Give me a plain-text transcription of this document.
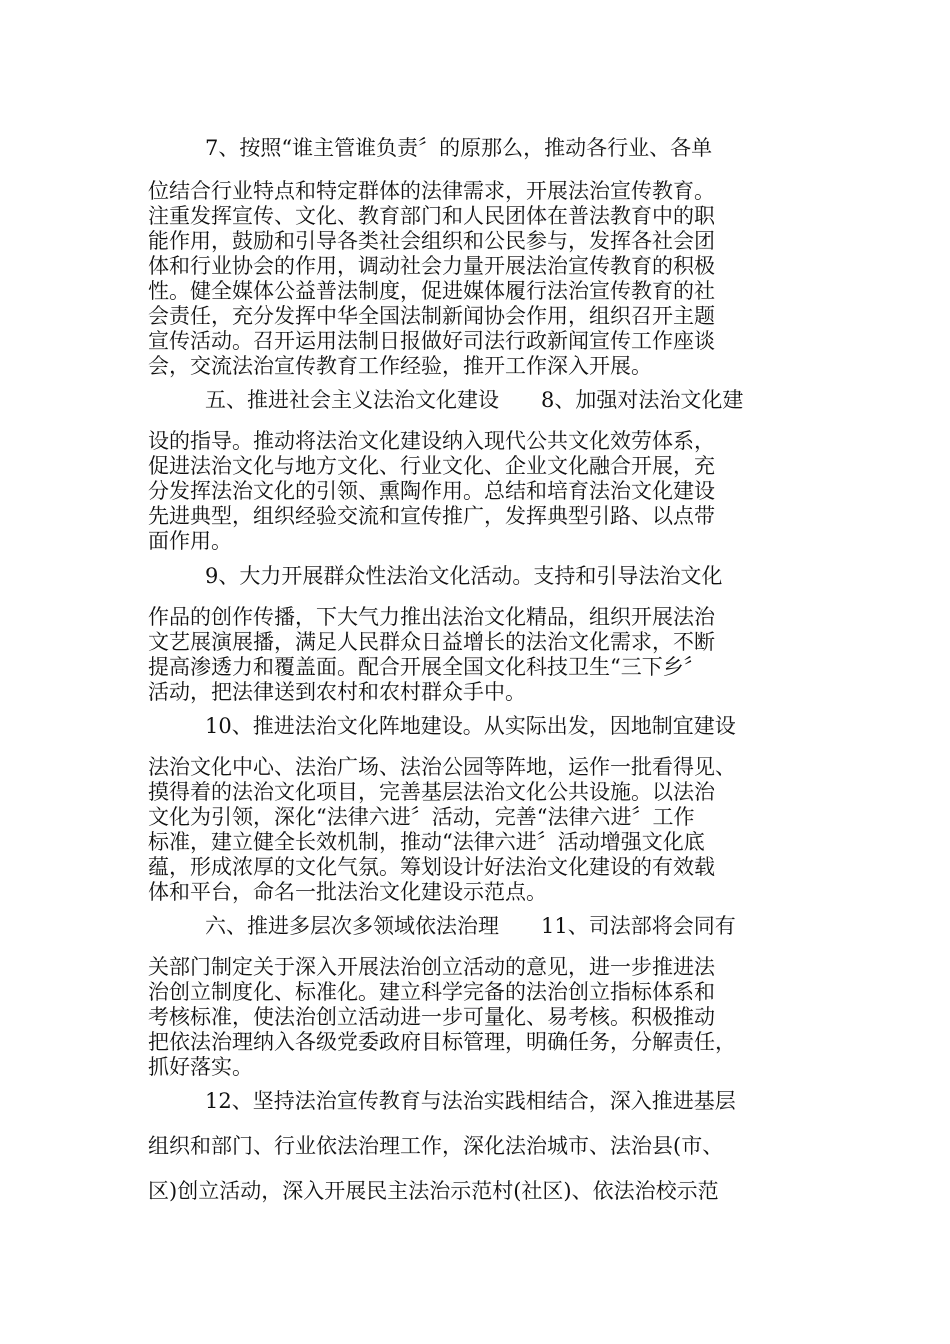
7、按照“谁主管谁负责〞的原那么，推动各行业、各单
位结合行业特点和特定群体的法律需求，开展法治宣传教育。
注重发挥宣传、文化、教育部门和人民团体在普法教育中的职
能作用，鼓励和引导各类社会组织和公民参与，发挥各社会团
体和行业协会的作用，调动社会力量开展法治宣传教育的积极
性。健全媒体公益普法制度，促进媒体履行法治宣传教育的社
会责任，充分发挥中华全国法制新闻协会作用，组织召开主题
宣传活动。召开运用法制日报做好司法行政新闻宣传工作座谈
会，交流法治宣传教育工作经验，推开工作深入开展。
五、推进社会主义法治文化建设　　8、加强对法治文化建
设的指导。推动将法治文化建设纳入现代公共文化效劳体系，
促进法治文化与地方文化、行业文化、企业文化融合开展，充
分发挥法治文化的引领、熏陶作用。总结和培育法治文化建设
先进典型，组织经验交流和宣传推广，发挥典型引路、以点带
面作用。
9、大力开展群众性法治文化活动。支持和引导法治文化
作品的创作传播，下大气力推出法治文化精品，组织开展法治
文艺展演展播，满足人民群众日益增长的法治文化需求，不断
提高渗透力和覆盖面。配合开展全国文化科技卫生“三下乡〞
活动，把法律送到农村和农村群众手中。
10、推进法治文化阵地建设。从实际出发，因地制宜建设
法治文化中心、法治广场、法治公园等阵地，运作一批看得见、
摸得着的法治文化项目，完善基层法治文化公共设施。以法治
文化为引领，深化“法律六进〞活动，完善“法律六进〞工作
标准，建立健全长效机制，推动“法律六进〞活动增强文化底
蕴，形成浓厚的文化气氛。筹划设计好法治文化建设的有效载
体和平台，命名一批法治文化建设示范点。
六、推进多层次多领域依法治理　　11、司法部将会同有
关部门制定关于深入开展法治创立活动的意见，进一步推进法
治创立制度化、标准化。建立科学完备的法治创立指标体系和
考核标准，使法治创立活动进一步可量化、易考核。积极推动
把依法治理纳入各级党委政府目标管理，明确任务，分解责任，
抓好落实。
12、坚持法治宣传教育与法治实践相结合，深入推进基层
组织和部门、行业依法治理工作，深化法治城市、法治县(市、
区)创立活动，深入开展民主法治示范村(社区)、依法治校示范
